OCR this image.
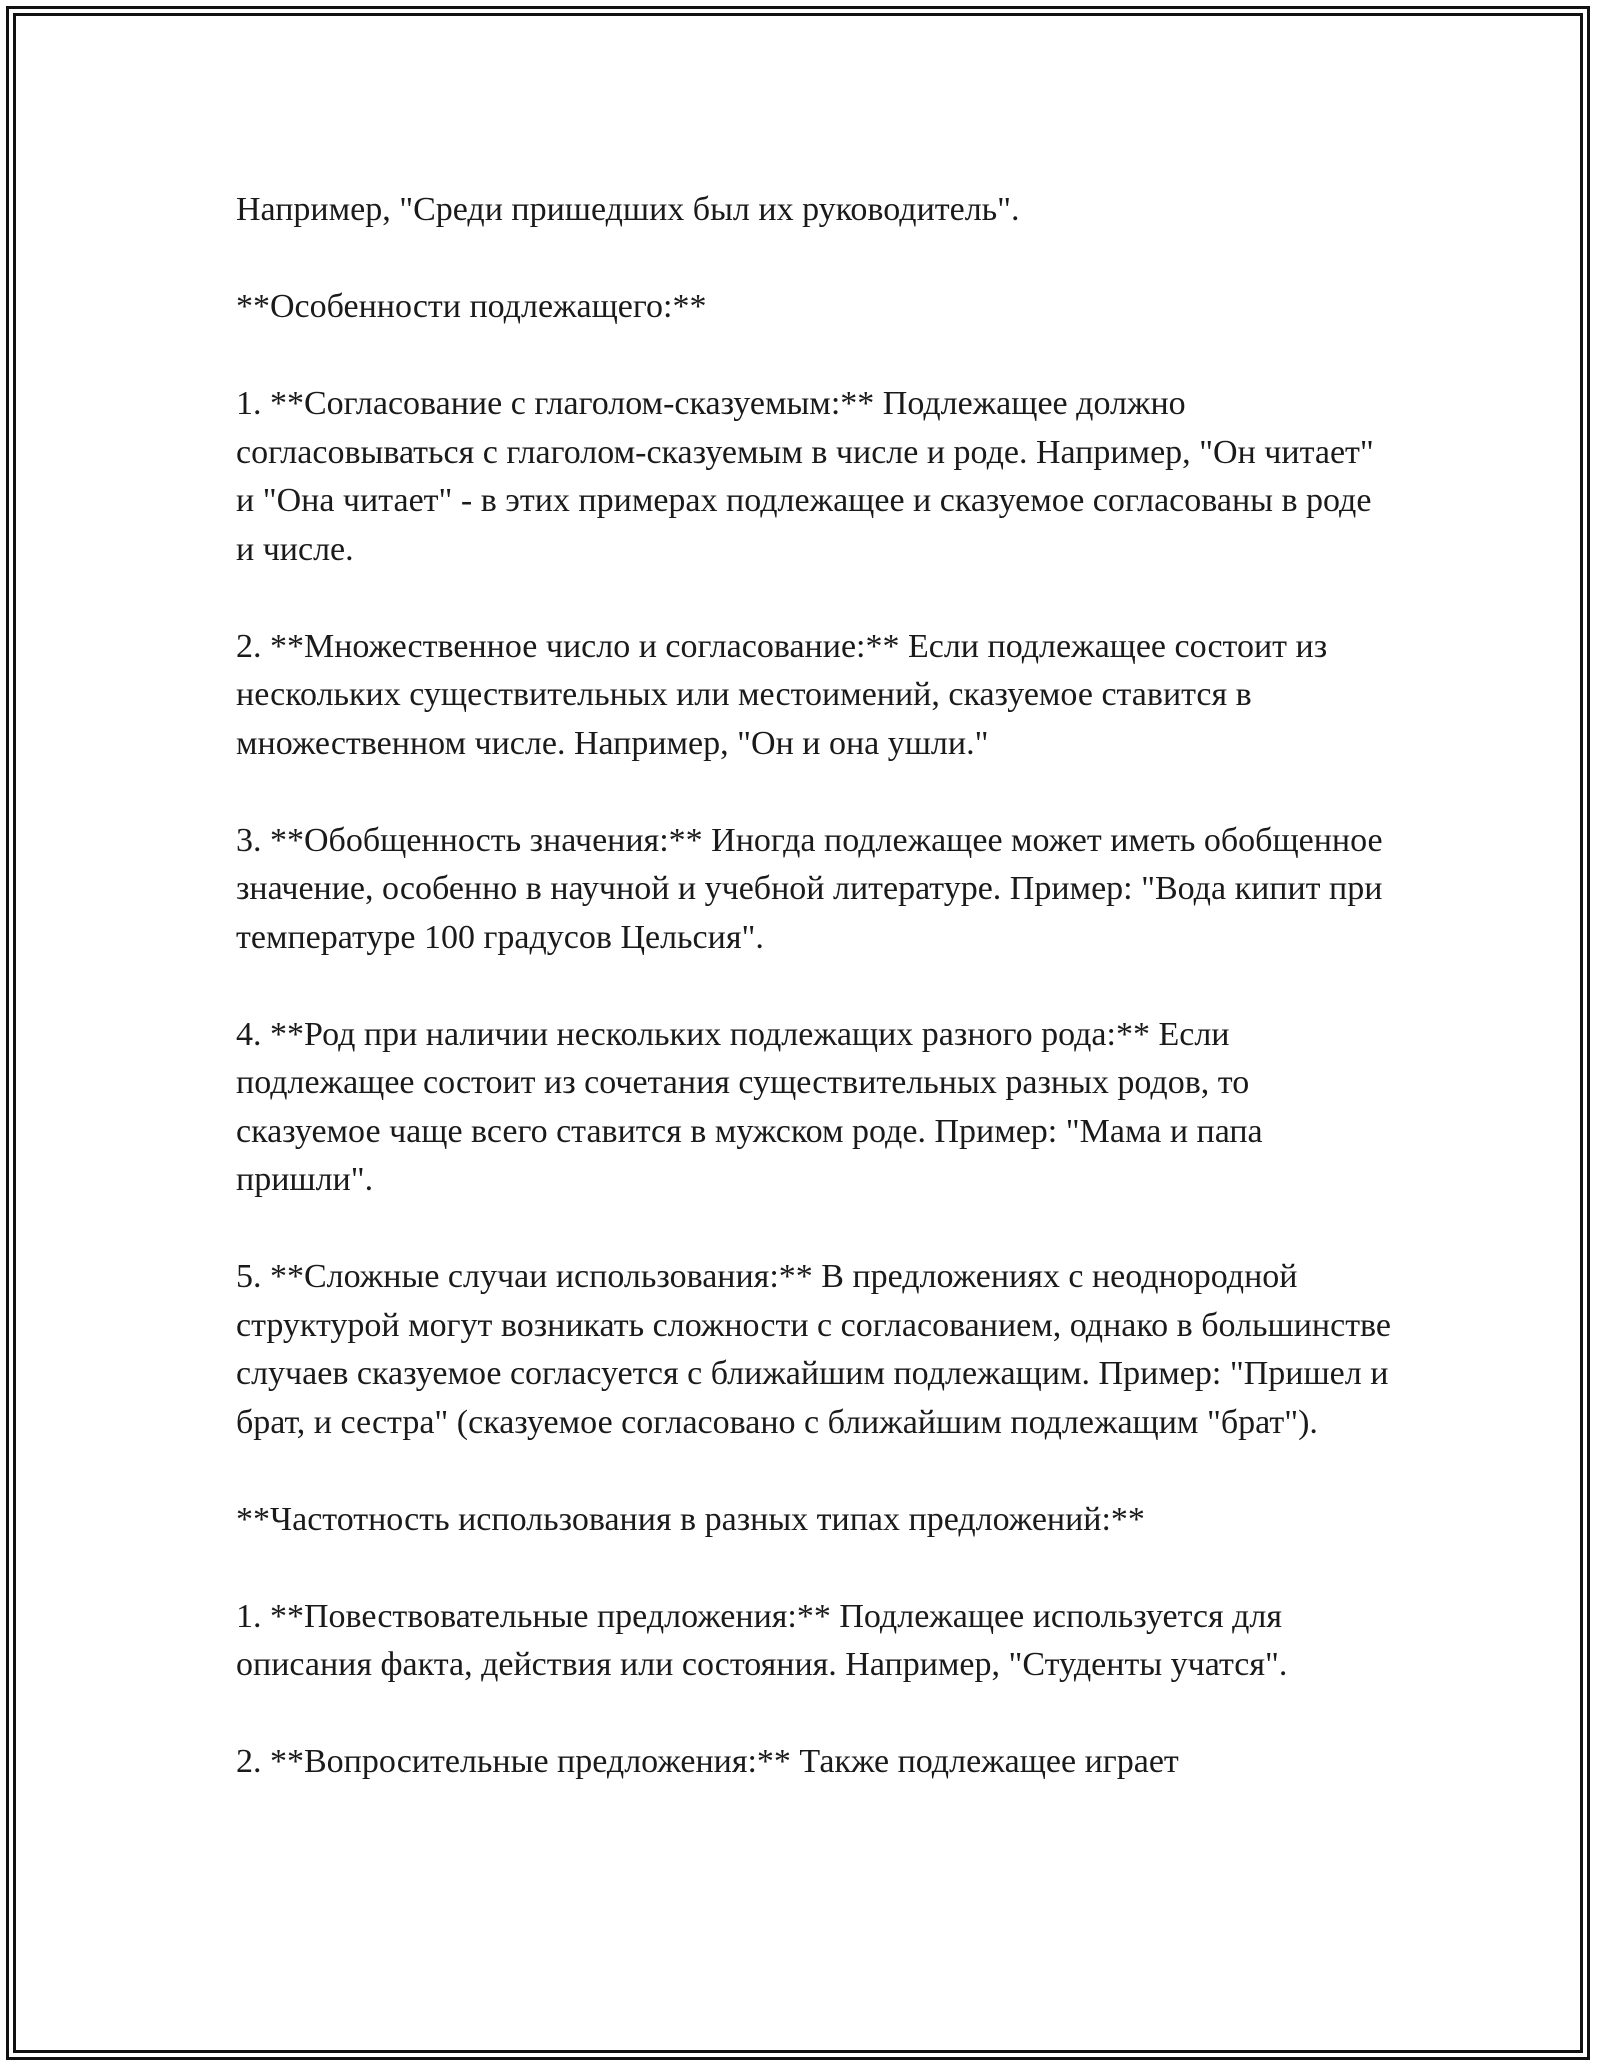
Например, "Среди пришедших был их руководитель".

**Особенности подлежащего:**

1. **Согласование с глаголом-сказуемым:** Подлежащее должно согласовываться с глаголом-сказуемым в числе и роде. Например, "Он читает" и "Она читает" - в этих примерах подлежащее и сказуемое согласованы в роде и числе.

2. **Множественное число и согласование:** Если подлежащее состоит из нескольких существительных или местоимений, сказуемое ставится в множественном числе. Например, "Он и она ушли."

3. **Обобщенность значения:** Иногда подлежащее может иметь обобщенное значение, особенно в научной и учебной литературе. Пример: "Вода кипит при температуре 100 градусов Цельсия".

4. **Род при наличии нескольких подлежащих разного рода:** Если подлежащее состоит из сочетания существительных разных родов, то сказуемое чаще всего ставится в мужском роде. Пример: "Мама и папа пришли".

5. **Сложные случаи использования:** В предложениях с неоднородной структурой могут возникать сложности с согласованием, однако в большинстве случаев сказуемое согласуется с ближайшим подлежащим. Пример: "Пришел и брат, и сестра" (сказуемое согласовано с ближайшим подлежащим "брат").

**Частотность использования в разных типах предложений:**

1. **Повествовательные предложения:** Подлежащее используется для описания факта, действия или состояния. Например, "Студенты учатся".

2. **Вопросительные предложения:** Также подлежащее играет
